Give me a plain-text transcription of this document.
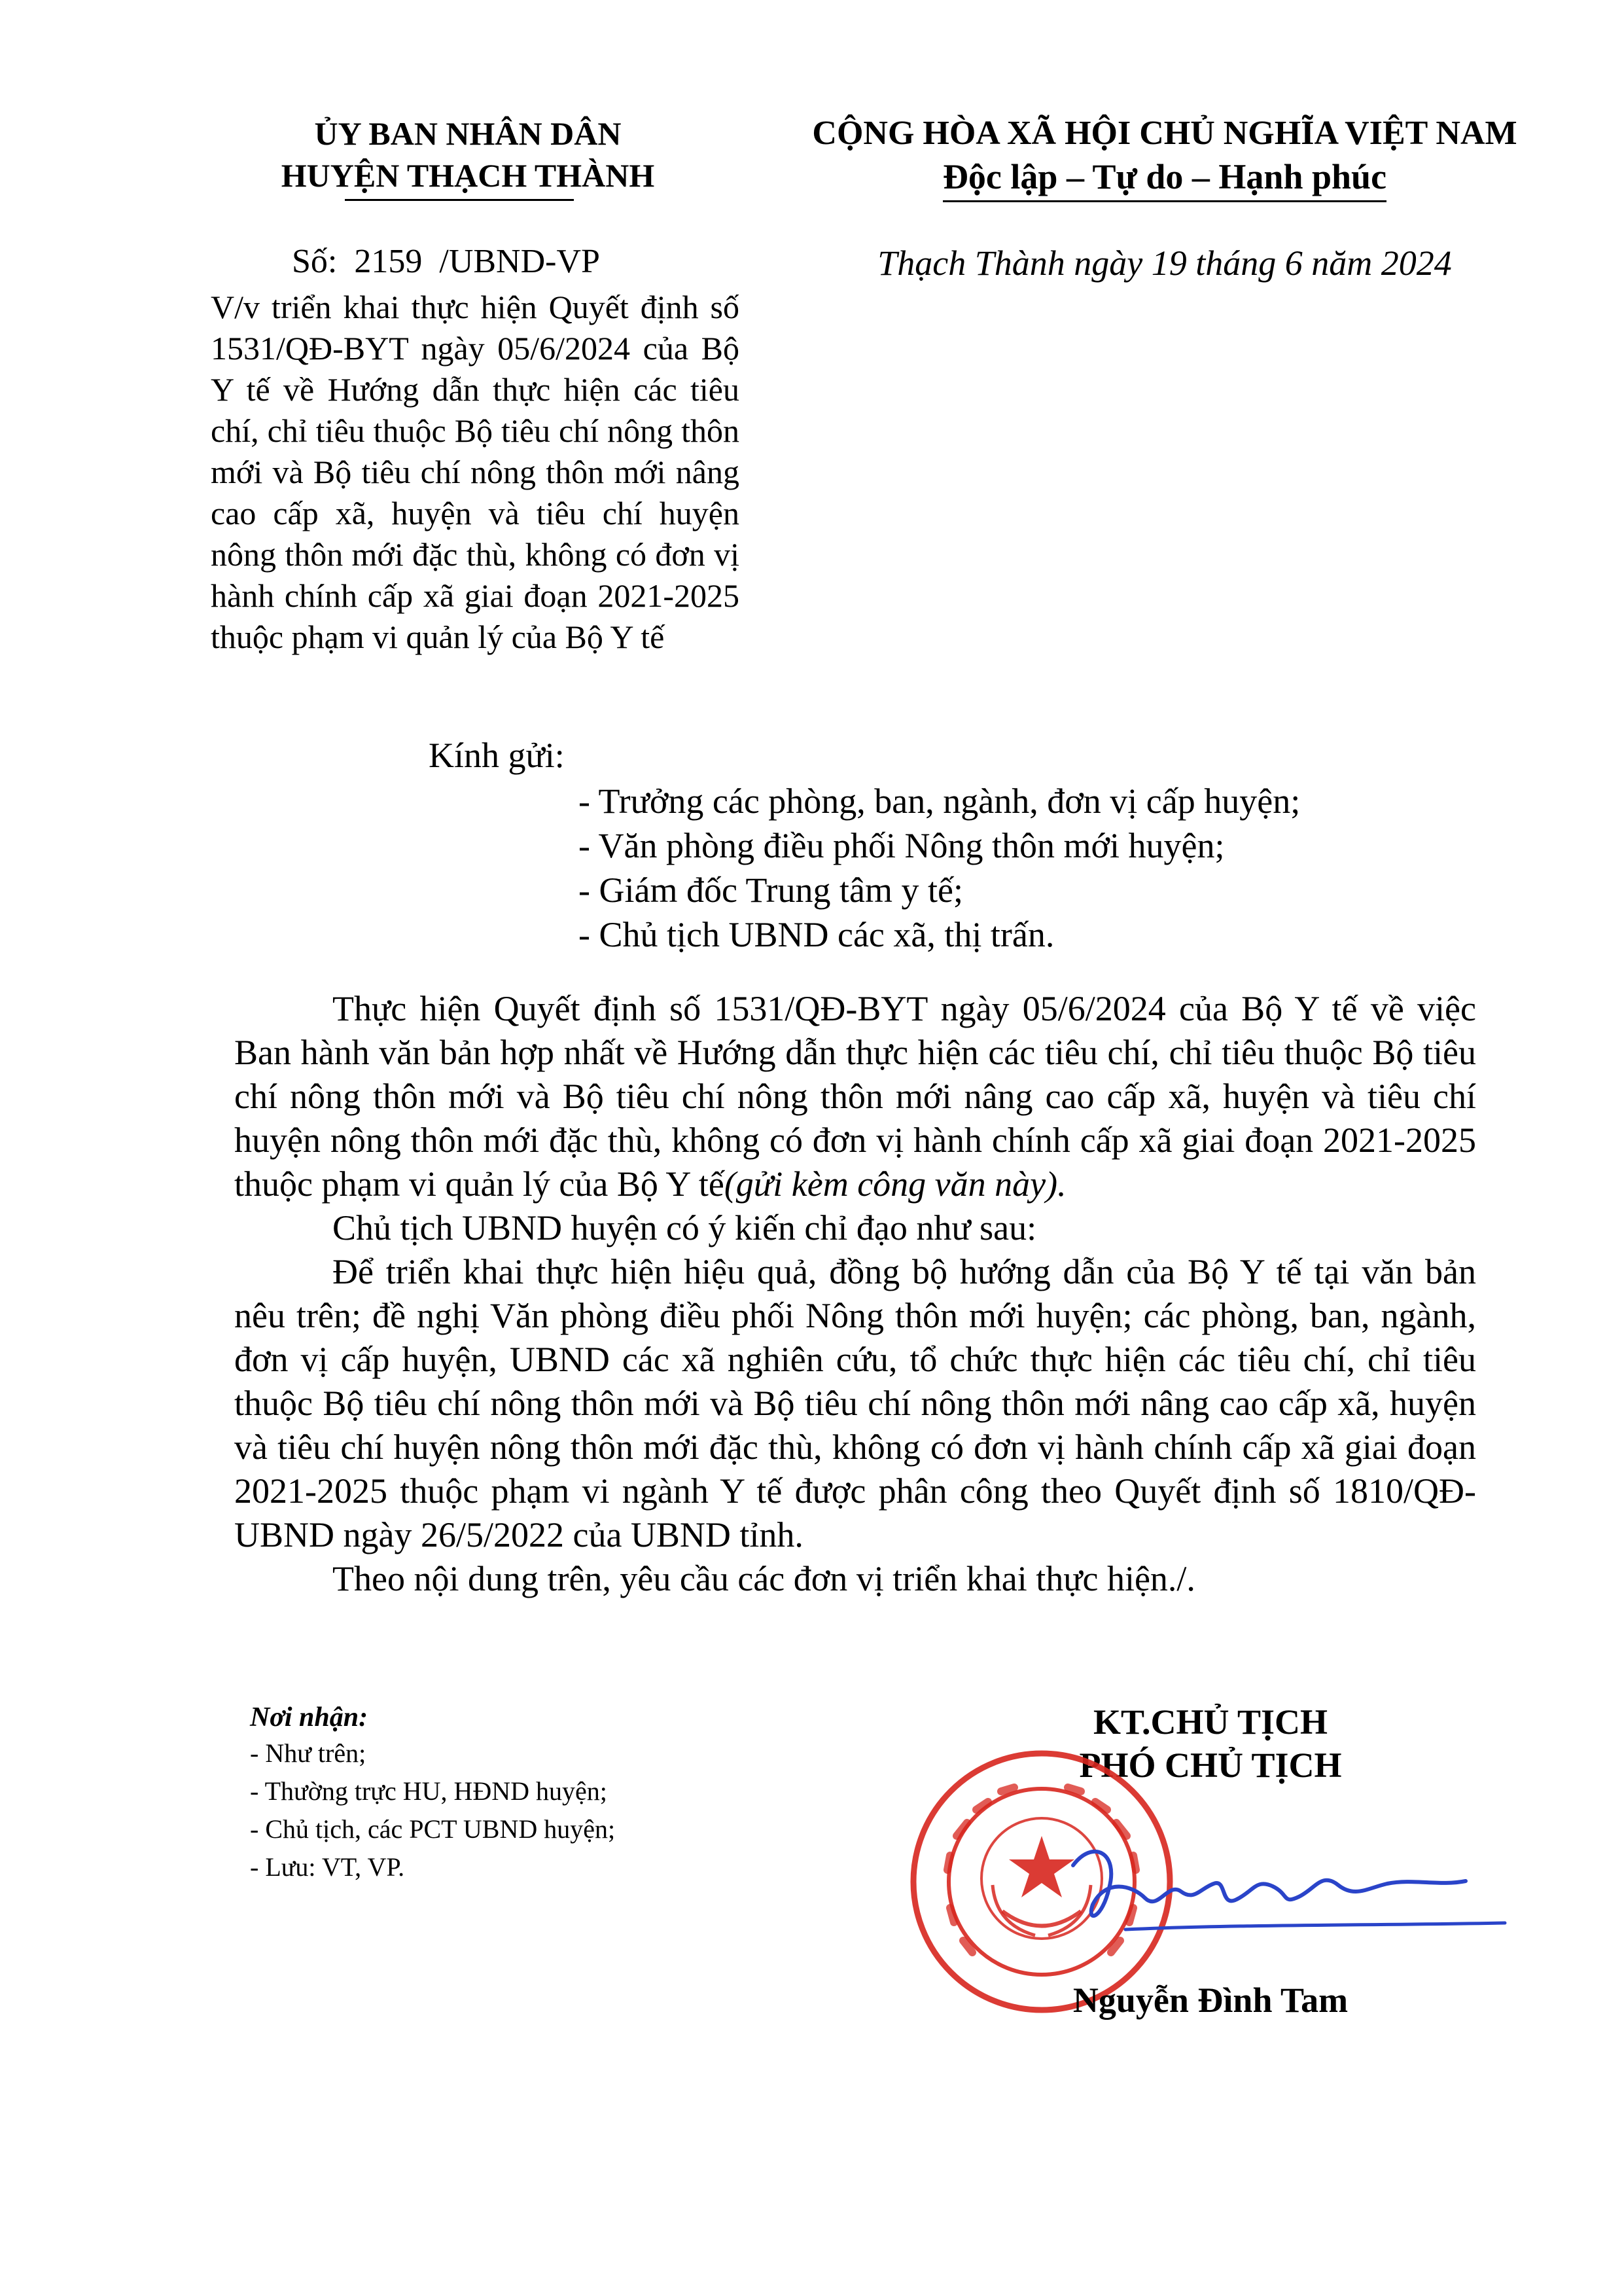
ỦY BAN NHÂN DÂN
HUYỆN THẠCH THÀNH
CỘNG HÒA XÃ HỘI CHỦ NGHĨA VIỆT NAM
Độc lập – Tự do – Hạnh phúc
Số:  2159  /UBND-VP	Thạch Thành ngày 19 tháng 6 năm 2024
V/v triển khai thực hiện Quyết định số 1531/QĐ-BYT ngày 05/6/2024 của Bộ Y tế về Hướng dẫn thực hiện các tiêu chí, chỉ tiêu thuộc Bộ tiêu chí nông thôn mới và Bộ tiêu chí nông thôn mới nâng cao cấp xã, huyện và tiêu chí huyện nông thôn mới đặc thù, không có đơn vị hành chính cấp xã giai đoạn 2021-2025 thuộc phạm vi quản lý của Bộ Y tế
Kính gửi:
- Trưởng các phòng, ban, ngành, đơn vị cấp huyện;
- Văn phòng điều phối Nông thôn mới huyện;
- Giám đốc Trung tâm y tế;
- Chủ tịch UBND các xã, thị trấn.

Thực hiện Quyết định số 1531/QĐ-BYT ngày 05/6/2024 của Bộ Y tế về việc Ban hành văn bản hợp nhất về Hướng dẫn thực hiện các tiêu chí, chỉ tiêu thuộc Bộ tiêu chí nông thôn mới và Bộ tiêu chí nông thôn mới nâng cao cấp xã, huyện và tiêu chí huyện nông thôn mới đặc thù, không có đơn vị hành chính cấp xã giai đoạn 2021-2025 thuộc phạm vi quản lý của Bộ Y tế(gửi kèm công văn này).

Chủ tịch UBND huyện có ý kiến chỉ đạo như sau:

Để triển khai thực hiện hiệu quả, đồng bộ hướng dẫn của Bộ Y tế tại văn bản nêu trên; đề nghị Văn phòng điều phối Nông thôn mới huyện; các phòng, ban, ngành, đơn vị cấp huyện, UBND các xã nghiên cứu, tổ chức thực hiện các tiêu chí, chỉ tiêu thuộc Bộ tiêu chí nông thôn mới và Bộ tiêu chí nông thôn mới nâng cao cấp xã, huyện và tiêu chí huyện nông thôn mới đặc thù, không có đơn vị hành chính cấp xã giai đoạn 2021-2025 thuộc phạm vi ngành Y tế được phân công theo Quyết định số 1810/QĐ-UBND ngày 26/5/2022 của UBND tỉnh.

Theo nội dung trên, yêu cầu các đơn vị triển khai thực hiện./.

Nơi nhận:
- Như trên;
- Thường trực HU, HĐND huyện;
- Chủ tịch, các PCT UBND huyện;
- Lưu: VT, VP.
KT.CHỦ TỊCH
PHÓ CHỦ TỊCH
Nguyễn Đình Tam
